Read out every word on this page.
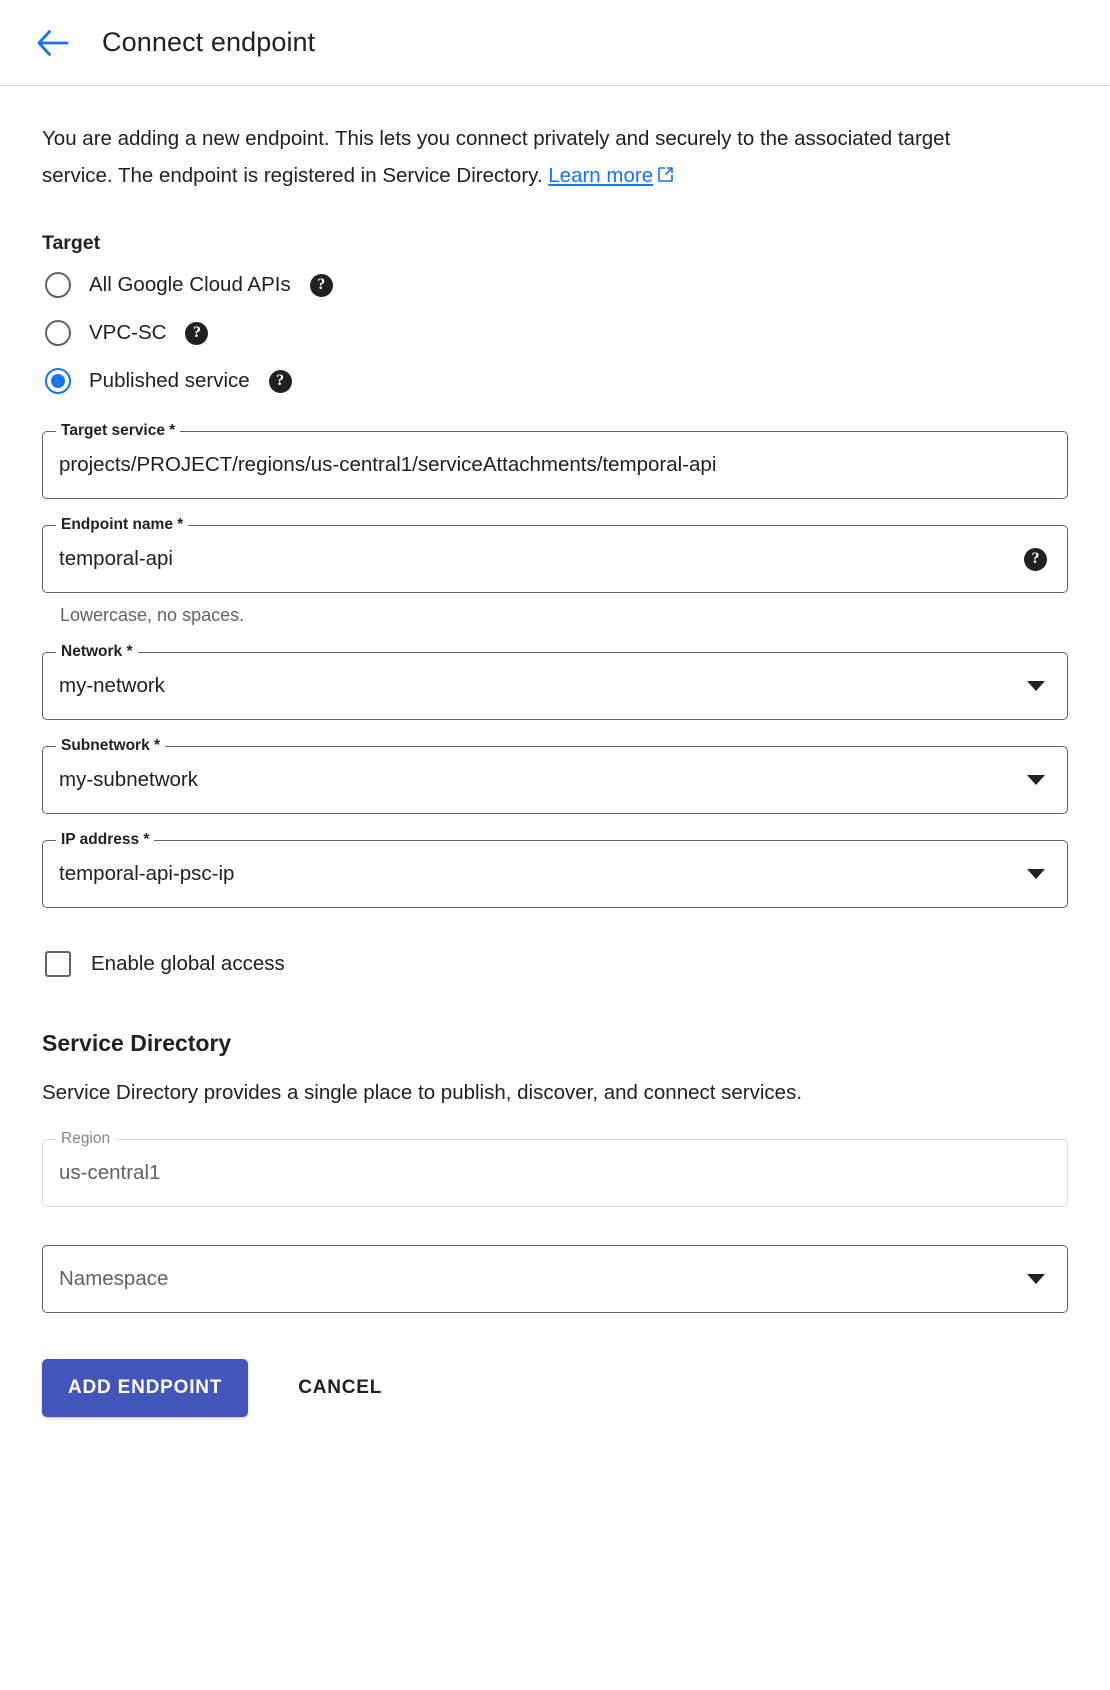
Connect endpoint
You are adding a new endpoint. This lets you connect privately and securely to the associated target service. The endpoint is registered in Service Directory. Learn more
Target
All Google Cloud APIs	?
VPC-SC	?
Published service	?
Target service *
projects/PROJECT/regions/us-central1/serviceAttachments/temporal-api
Endpoint name *
temporal-api	?
Lowercase, no spaces.
Network *
my-network
Subnetwork *
my-subnetwork
IP address *
temporal-api-psc-ip
Enable global access
Service Directory
Service Directory provides a single place to publish, discover, and connect services.
Region
us-central1
Namespace
ADD ENDPOINT	CANCEL
